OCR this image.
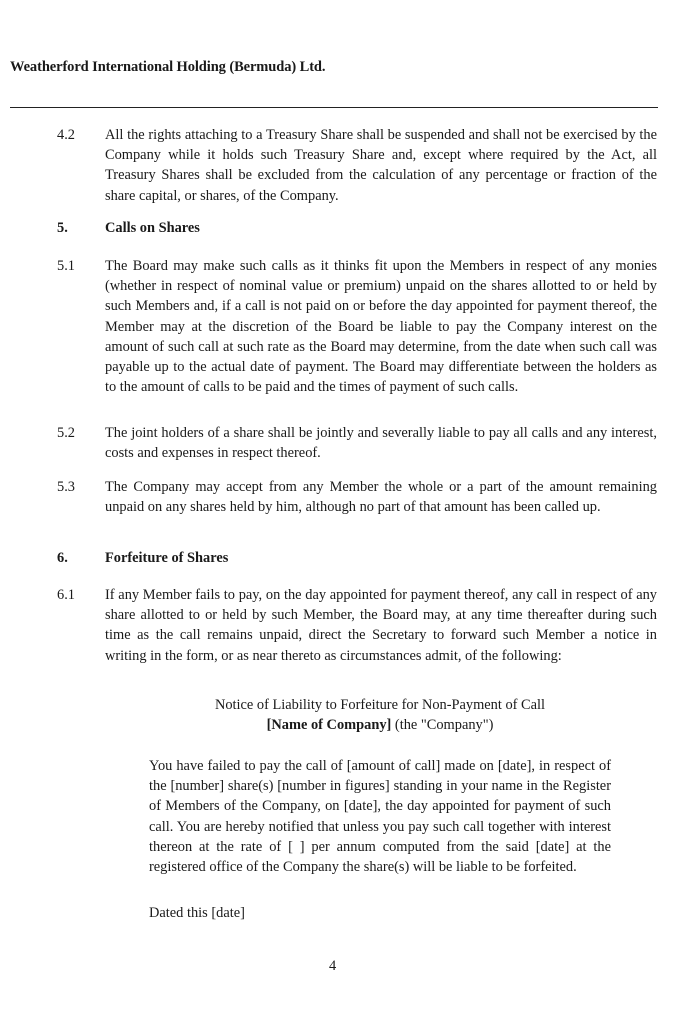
Weatherford International Holding (Bermuda) Ltd.
4.2 All the rights attaching to a Treasury Share shall be suspended and shall not be exercised by the Company while it holds such Treasury Share and, except where required by the Act, all Treasury Shares shall be excluded from the calculation of any percentage or fraction of the share capital, or shares, of the Company.
5.	Calls on Shares
5.1 The Board may make such calls as it thinks fit upon the Members in respect of any monies (whether in respect of nominal value or premium) unpaid on the shares allotted to or held by such Members and, if a call is not paid on or before the day appointed for payment thereof, the Member may at the discretion of the Board be liable to pay the Company interest on the amount of such call at such rate as the Board may determine, from the date when such call was payable up to the actual date of payment. The Board may differentiate between the holders as to the amount of calls to be paid and the times of payment of such calls.
5.2 The joint holders of a share shall be jointly and severally liable to pay all calls and any interest, costs and expenses in respect thereof.
5.3 The Company may accept from any Member the whole or a part of the amount remaining unpaid on any shares held by him, although no part of that amount has been called up.
6.	Forfeiture of Shares
6.1 If any Member fails to pay, on the day appointed for payment thereof, any call in respect of any share allotted to or held by such Member, the Board may, at any time thereafter during such time as the call remains unpaid, direct the Secretary to forward such Member a notice in writing in the form, or as near thereto as circumstances admit, of the following:
Notice of Liability to Forfeiture for Non-Payment of Call
[Name of Company] (the "Company")
You have failed to pay the call of [amount of call] made on [date], in respect of the [number] share(s) [number in figures] standing in your name in the Register of Members of the Company, on [date], the day appointed for payment of such call. You are hereby notified that unless you pay such call together with interest thereon at the rate of [ ] per annum computed from the said [date] at the registered office of the Company the share(s) will be liable to be forfeited.
Dated this [date]
4
